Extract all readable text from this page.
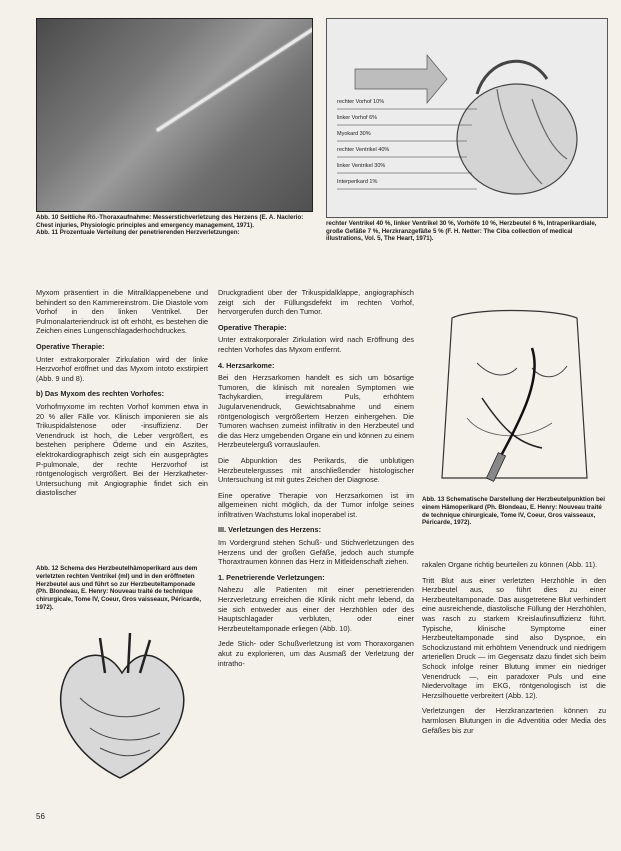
Abb. 10 Seitliche Rö.-Thoraxaufnahme: Messerstichverletzung des Herzens (E. A. Naclerio: Chest injuries, Physiologic principles and emergency management, 1971).
Abb. 11 Prozentuale Verteilung der penetrierenden Herzverletzungen:
rechter Vorhof 10%
linker Vorhof 6%
Myokard 30%
rechter Ventrikel 40%
linker Ventrikel 30%
Interperikard 1%
rechter Ventrikel 40 %, linker Ventrikel 30 %, Vorhöfe 10 %, Herzbeutel 6 %, Intraperikardiale, große Gefäße 7 %, Herzkranzgefäße 5 % (F. H. Netter: The Ciba collection of medical illustrations, Vol. 5, The Heart, 1971).

Myxom präsentiert in die Mitralklappenebene und behindert so den Kammereinstrom. Die Diastole vom Vorhof in den linken Ventrikel. Der Pulmonalarteriendruck ist oft erhöht, es bestehen die Zeichen eines Lungenschlagaderhochdruckes.

Operative Therapie:

Unter extrakorporaler Zirkulation wird der linke Herzvorhof eröffnet und das Myxom intoto exstirpiert (Abb. 9 und 8).

b) Das Myxom des rechten Vorhofes:

Vorhofmyxome im rechten Vorhof kommen etwa in 20 % aller Fälle vor. Klinisch imponieren sie als Trikuspidalstenose oder -insuffizienz. Der Venendruck ist hoch, die Leber vergrößert, es bestehen periphere Ödeme und ein Aszites, elektrokardiographisch zeigt sich ein ausgeprägtes P-pulmonale, der rechte Herzvorhof ist röntgenologisch vergrößert. Bei der Herzkatheter-Untersuchung mit Angiographie findet sich ein diastolischer

Abb. 12 Schema des Herzbeutelhämoperikard aus dem verletzten rechten Ventrikel (ml) und in den eröffneten Herzbeutel aus und führt so zur Herzbeuteltamponade (Ph. Blondeau, E. Henry: Nouveau traité de technique chirurgicale, Tome IV, Coeur, Gros vaisseaux, Péricarde, 1972).
56

Druckgradient über der Trikuspidalklappe, angiographisch zeigt sich der Füllungsdefekt im rechten Vorhof, hervorgerufen durch den Tumor.

Operative Therapie:

Unter extrakorporaler Zirkulation wird nach Eröffnung des rechten Vorhofes das Myxom entfernt.

4. Herzsarkome:

Bei den Herzsarkomen handelt es sich um bösartige Tumoren, die klinisch mit norealen Symptomen wie Tachykardien, irregulärem Puls, erhöhtem Jugularvenendruck, Gewichtsabnahme und einem röntgenologisch vergrößertem Herzen einhergehen. Die Tumoren wachsen zumeist infiltrativ in den Herzbeutel und die das Herz umgebenden Organe ein und können zu einem Herzbeutelerguß vorrauslaufen.

Die Abpunktion des Perikards, die unblutigen Herzbeutelergusses mit anschließender histologischer Untersuchung ist mit gutes Zeichen der Diagnose.

Eine operative Therapie von Herzsarkomen ist im allgemeinen nicht möglich, da der Tumor infolge seines infiltrativen Wachstums lokal inoperabel ist.

III. Verletzungen des Herzens:

Im Vordergrund stehen Schuß- und Stichverletzungen des Herzens und der großen Gefäße, jedoch auch stumpfe Thoraxtraumen können das Herz in Mitleidenschaft ziehen.

1. Penetrierende Verletzungen:

Nahezu alle Patienten mit einer penetrierenden Herzverletzung erreichen die Klinik nicht mehr lebend, da sie sich entweder aus einer der Herzhöhlen oder des Hauptschlagader verbluten, oder einer Herzbeuteltamponade erliegen (Abb. 10).

Jede Stich- oder Schußverletzung ist vom Thoraxorganen akut zu explorieren, um das Ausmaß der Verletzung der intratho-

Abb. 13 Schematische Darstellung der Herzbeutelpunktion bei einem Hämoperikard (Ph. Blondeau, E. Henry: Nouveau traité de technique chirurgicale, Tome IV, Coeur, Gros vaisseaux, Péricarde, 1972).

rakalen Organe richtig beurteilen zu können (Abb. 11).

Tritt Blut aus einer verletzten Herzhöhle in den Herzbeutel aus, so führt dies zu einer Herzbeuteltamponade. Das ausgetretene Blut verhindert eine ausreichende, diastolische Füllung der Herzhöhlen, was rasch zu starkem Kreislaufinsuffizienz führt. Typische, klinische Symptome einer Herzbeuteltamponade sind also Dyspnoe, ein Schockzustand mit erhöhtem Venendruck und niedrigem arteriellen Druck — im Gegensatz dazu findet sich beim Schock infolge reiner Blutung immer ein niedriger Venendruck —, ein paradoxer Puls und eine Niedervoltage im EKG, röntgenologisch ist die Herzsilhouette verbreitert (Abb. 12).

Verletzungen der Herzkranzarterien können zu harmlosen Blutungen in die Adventitia oder Media des Gefäßes bis zur
